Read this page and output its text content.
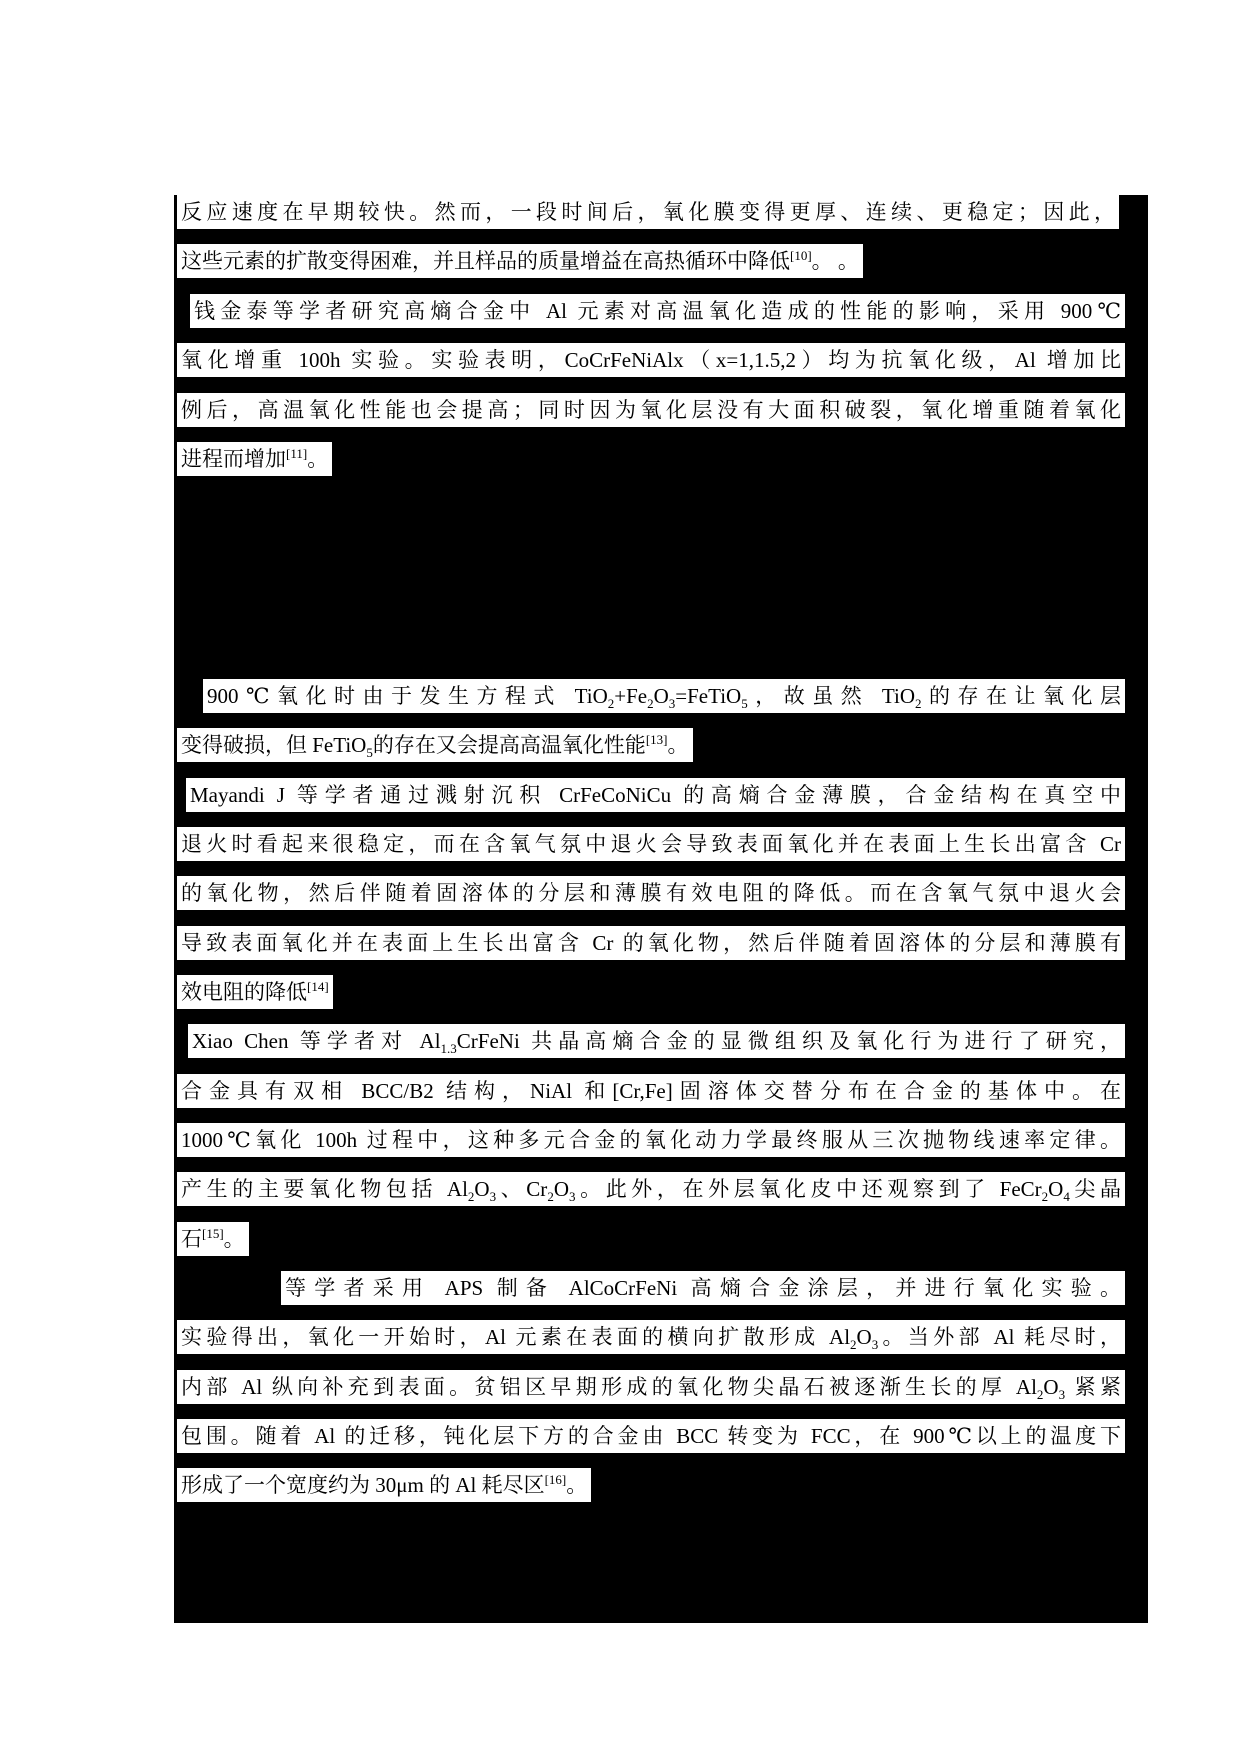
反应速度在早期较快。然而，一段时间后，氧化膜变得更厚、连续、更稳定；因此，
这些元素的扩散变得困难，并且样品的质量增益在高热循环中降低[10]。 。
钱金泰等学者研究高熵合金中 Al 元素对高温氧化造成的性能的影响，采用 900℃
氧化增重 100h 实验。实验表明，CoCrFeNiAlx（x=1,1.5,2）均为抗氧化级，Al 增加比
例后，高温氧化性能也会提高；同时因为氧化层没有大面积破裂，氧化增重随着氧化
进程而增加[11]。
900℃氧化时由于发生方程式 $TiO_2+Fe_2O_3=FeTiO_5$，故虽然 TiO$_2$的存在让氧化层
变得破损，但 FeTiO$_5$的存在又会提高高温氧化性能[13]。
Mayandi J 等学者通过溅射沉积 CrFeCoNiCu 的高熵合金薄膜，合金结构在真空中
退火时看起来很稳定，而在含氧气氛中退火会导致表面氧化并在表面上生长出富含 Cr
的氧化物，然后伴随着固溶体的分层和薄膜有效电阻的降低。而在含氧气氛中退火会
导致表面氧化并在表面上生长出富含 Cr 的氧化物，然后伴随着固溶体的分层和薄膜有
效电阻的降低[14]
Xiao Chen 等学者对 $Al_{1.3}CrFeNi$ 共晶高熵合金的显微组织及氧化行为进行了研究，
合金具有双相 BCC/B2 结构，NiAl 和[Cr,Fe]固溶体交替分布在合金的基体中。在
1000℃氧化 100h 过程中，这种多元合金的氧化动力学最终服从三次抛物线速率定律。
产生的主要氧化物包括 $Al_2O_3$、$Cr_2O_3$。此外，在外层氧化皮中还观察到了 $FeCr_2O_4$尖晶
石[15]。
等学者采用 APS 制备 AlCoCrFeNi 高熵合金涂层，并进行氧化实验。
实验得出，氧化一开始时，Al 元素在表面的横向扩散形成 $Al_2O_3$。当外部 Al 耗尽时，
内部 Al 纵向补充到表面。贫铝区早期形成的氧化物尖晶石被逐渐生长的厚 $Al_2O_3$ 紧紧
包围。随着 Al 的迁移，钝化层下方的合金由 BCC 转变为 FCC，在 900℃以上的温度下
形成了一个宽度约为 30μm 的 Al 耗尽区[16]。
